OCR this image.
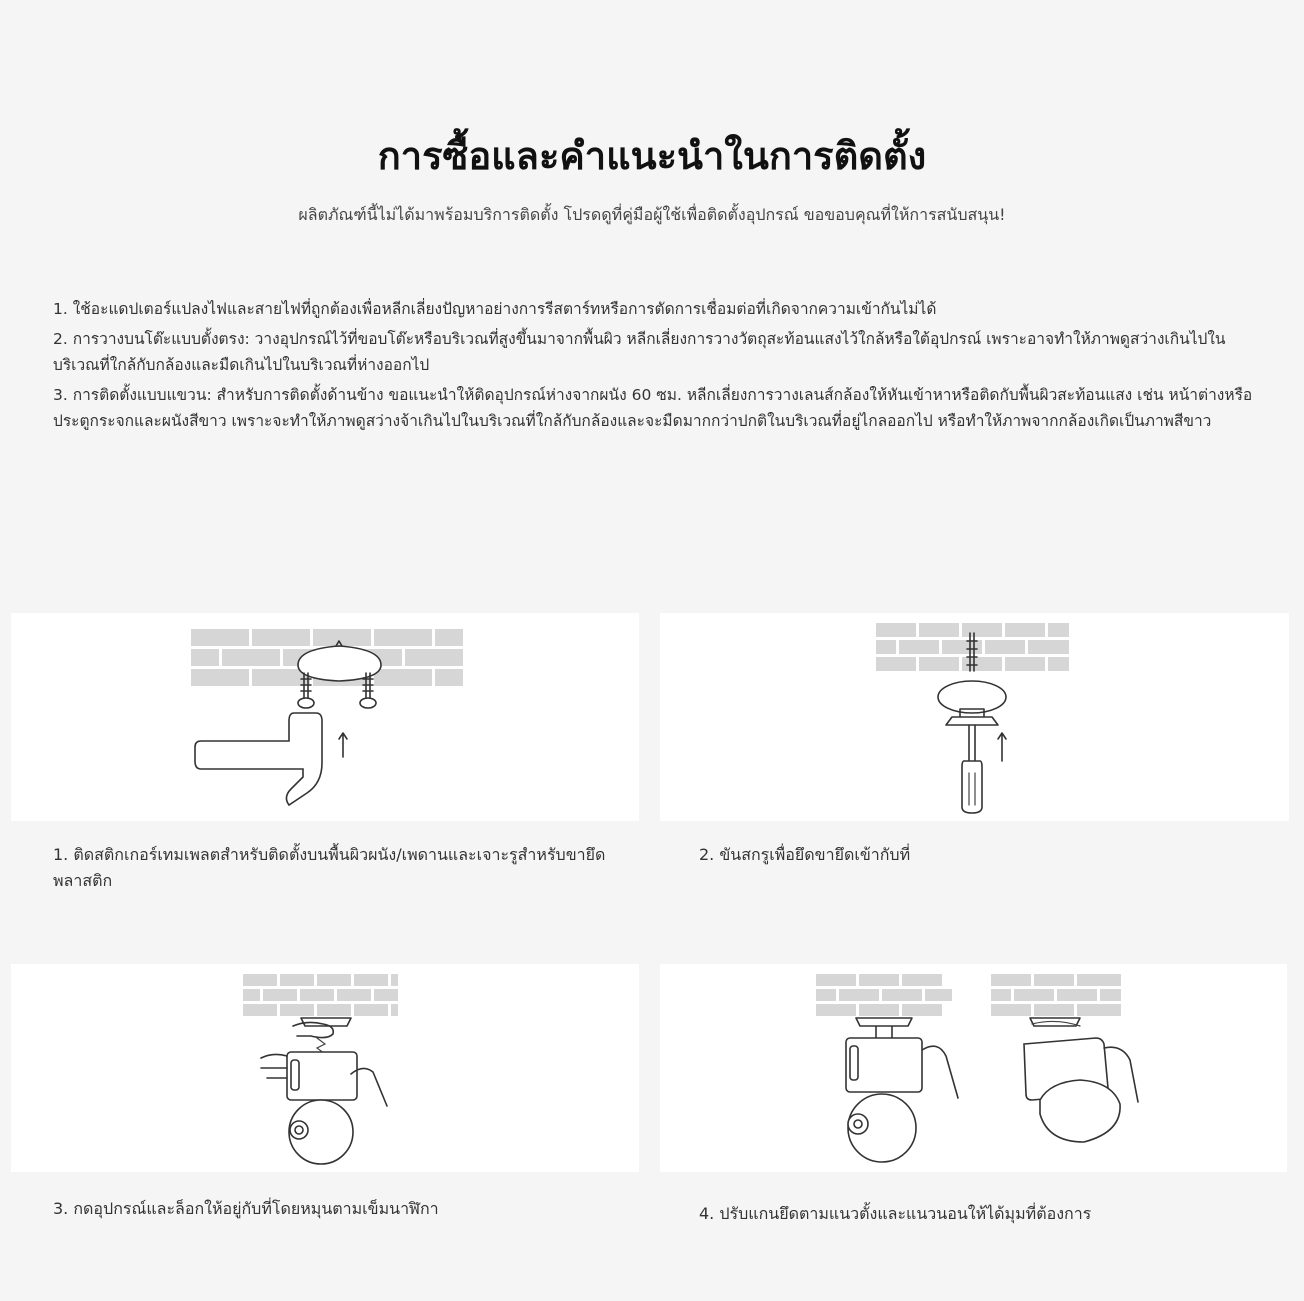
การซื้อและคำแนะนำในการติดตั้ง
ผลิตภัณฑ์นี้ไม่ได้มาพร้อมบริการติดตั้ง โปรดดูที่คู่มือผู้ใช้เพื่อติดตั้งอุปกรณ์ ขอขอบคุณที่ให้การสนับสนุน!

1. ใช้อะแดปเตอร์แปลงไฟและสายไฟที่ถูกต้องเพื่อหลีกเลี่ยงปัญหาอย่างการรีสตาร์ทหรือการตัดการเชื่อมต่อที่เกิดจากความเข้ากันไม่ได้

2. การวางบนโต๊ะแบบตั้งตรง: วางอุปกรณ์ไว้ที่ขอบโต๊ะหรือบริเวณที่สูงขึ้นมาจากพื้นผิว หลีกเลี่ยงการวางวัตถุสะท้อนแสงไว้ใกล้หรือใต้อุปกรณ์ เพราะอาจทำให้ภาพดูสว่างเกินไปในบริเวณที่ใกล้กับกล้องและมืดเกินไปในบริเวณที่ห่างออกไป

3. การติดตั้งแบบแขวน: สำหรับการติดตั้งด้านข้าง ขอแนะนำให้ติดอุปกรณ์ห่างจากผนัง 60 ซม. หลีกเลี่ยงการวางเลนส์กล้องให้หันเข้าหาหรือติดกับพื้นผิวสะท้อนแสง เช่น หน้าต่างหรือประตูกระจกและผนังสีขาว เพราะจะทำให้ภาพดูสว่างจ้าเกินไปในบริเวณที่ใกล้กับกล้องและจะมืดมากกว่าปกติในบริเวณที่อยู่ไกลออกไป หรือทำให้ภาพจากกล้องเกิดเป็นภาพสีขาว

1. ติดสติกเกอร์เทมเพลตสำหรับติดตั้งบนพื้นผิวผนัง/เพดานและเจาะรูสำหรับขายึดพลาสติก
2. ขันสกรูเพื่อยึดขายึดเข้ากับที่
3. กดอุปกรณ์และล็อกให้อยู่กับที่โดยหมุนตามเข็มนาฬิกา	4. ปรับแกนยึดตามแนวตั้งและแนวนอนให้ได้มุมที่ต้องการ
